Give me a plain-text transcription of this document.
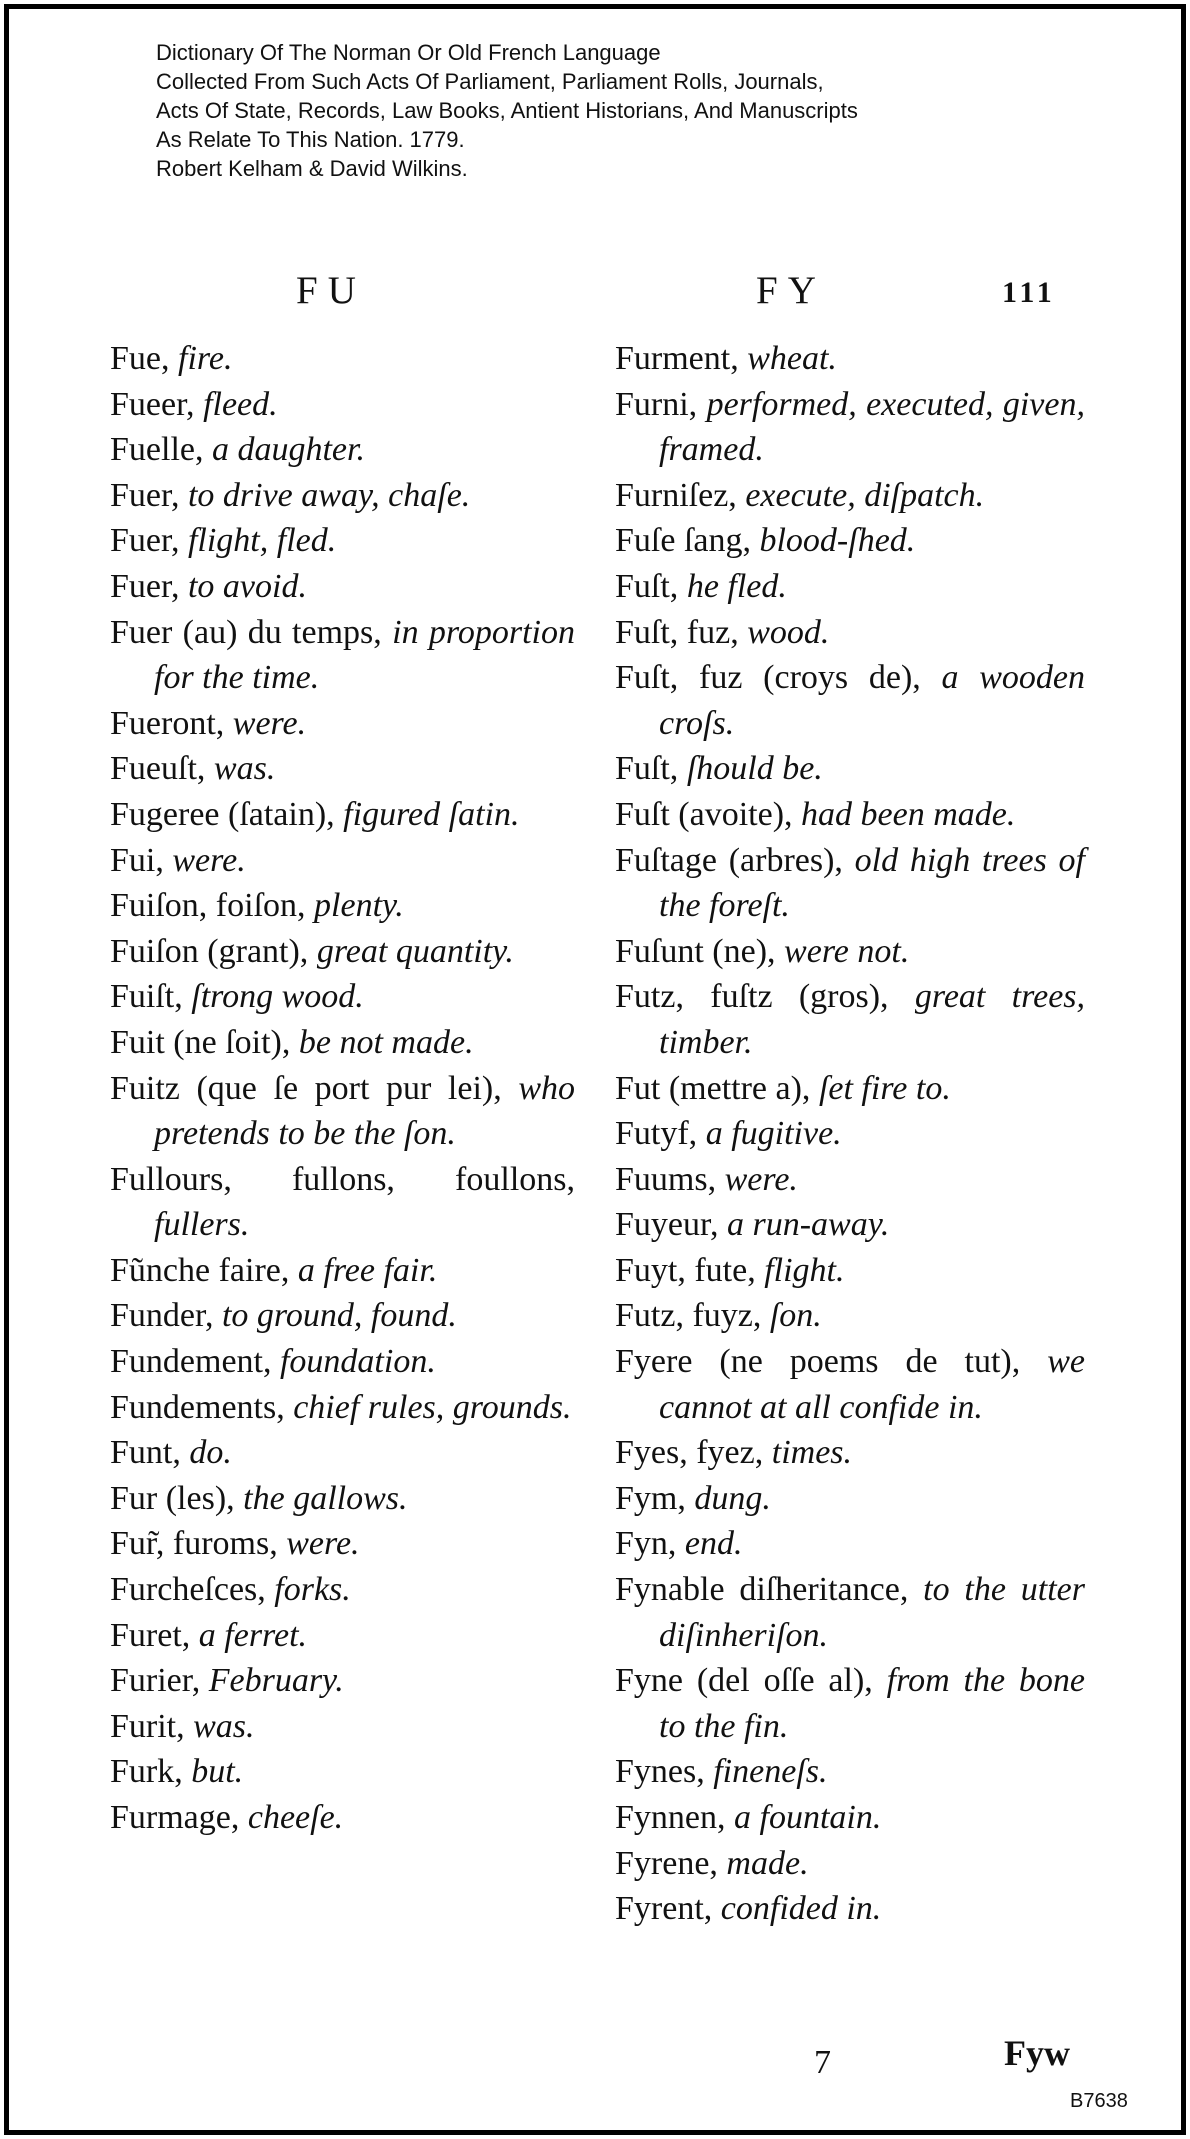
Dictionary Of The Norman Or Old French Language
Collected From Such Acts Of Parliament, Parliament Rolls, Journals,
Acts Of State, Records, Law Books, Antient Historians, And Manuscripts
As Relate To This Nation. 1779.
Robert Kelham & David Wilkins.
FU	FY	111
Fue, fire.
Fueer, fleed.
Fuelle, a daughter.
Fuer, to drive away, chaſe.
Fuer, flight, fled.
Fuer, to avoid.
Fuer (au) du temps, in proportion for the time.
Fueront, were.
Fueuſt, was.
Fugeree (ſatain), figured ſatin.
Fui, were.
Fuiſon, foiſon, plenty.
Fuiſon (grant), great quantity.
Fuiſt, ſtrong wood.
Fuit (ne ſoit), be not made.
Fuitz (que ſe port pur lei), who pretends to be the ſon.
Fullours, fullons, foullons, fullers.
Fũnche faire, a free fair.
Funder, to ground, found.
Fundement, foundation.
Fundements, chief rules, grounds.
Funt, do.
Fur (les), the gallows.
Fur̃, furoms, were.
Furcheſces, forks.
Furet, a ferret.
Furier, February.
Furit, was.
Furk, but.
Furmage, cheeſe.
Furment, wheat.
Furni, performed, executed, given, framed.
Furniſez, execute, diſpatch.
Fuſe ſang, blood-ſhed.
Fuſt, he fled.
Fuſt, fuz, wood.
Fuſt, fuz (croys de), a wooden croſs.
Fuſt, ſhould be.
Fuſt (avoite), had been made.
Fuſtage (arbres), old high trees of the foreſt.
Fuſunt (ne), were not.
Futz, fuſtz (gros), great trees, timber.
Fut (mettre a), ſet fire to.
Futyf, a fugitive.
Fuums, were.
Fuyeur, a run-away.
Fuyt, fute, flight.
Futz, fuyz, ſon.
Fyere (ne poems de tut), we cannot at all confide in.
Fyes, fyez, times.
Fym, dung.
Fyn, end.
Fynable diſheritance, to the utter diſinheriſon.
Fyne (del oſſe al), from the bone to the fin.
Fynes, fineneſs.
Fynnen, a fountain.
Fyrene, made.
Fyrent, confided in.
7	Fyw
B7638
